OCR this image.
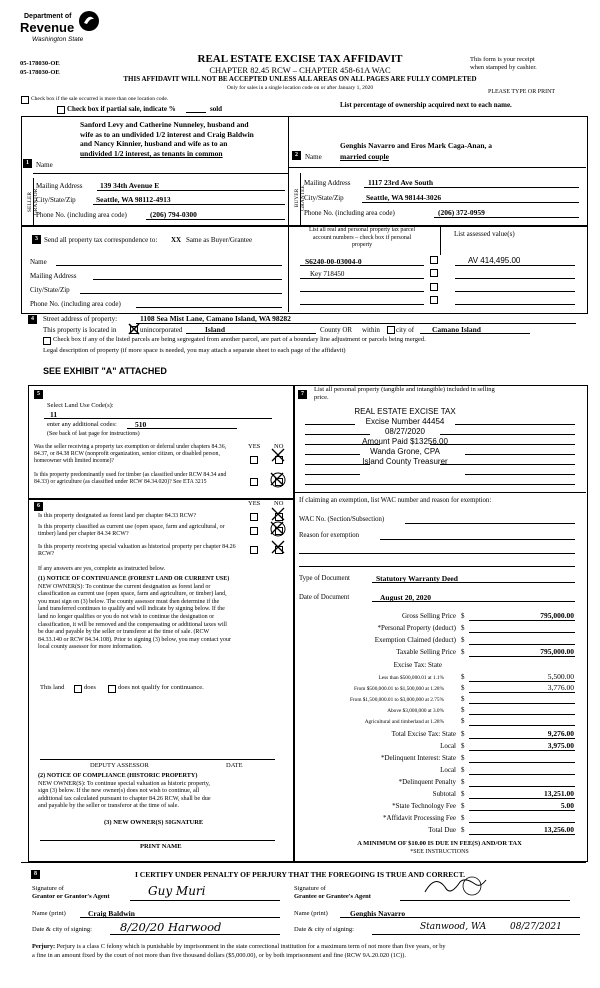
Department of
Revenue
Washington State
05-178030-OE
05-178030-OE
REAL ESTATE EXCISE TAX AFFIDAVIT
CHAPTER 82.45 RCW – CHAPTER 458-61A WAC
THIS AFFIDAVIT WILL NOT BE ACCEPTED UNLESS ALL AREAS ON ALL PAGES ARE FULLY COMPLETED
Only for sales in a single location code on or after January 1, 2020
This form is your receipt
when stamped by cashier.
PLEASE TYPE OR PRINT
Check box if the sale occurred is more than one location code.
Check box if partial sale, indicate %	sold	List percentage of ownership acquired next to each name.
SELLER GRANTOR
1	Name
Sanford Levy and Catherine Nunneley, husband and
wife as to an undivided 1/2 interest and Craig Baldwin
and Nancy Kinnier, husband and wife as to an
undivided 1/2 interest, as tenants in common
Mailing Address 139 34th Avenue E
City/State/Zip	Seattle, WA 98112-4913
Phone No. (including area code)	(206) 794-0300
BUYER GRANTEE
2	Name
Genghis Navarro and Eros Mark Caga-Anan, a
married couple
Mailing Address 1117 23rd Ave South
City/State/Zip	Seattle, WA 98144-3026
Phone No. (including area code)	(206) 372-0959
3 Send all property tax correspondence to: XX Same as Buyer/Grantee
Name
Mailing Address
City/State/Zip
Phone No. (including area code)
List all real and personal property tax parcel
account numbers – check box if personal
property
List assessed value(s)
S6240-00-03004-0	AV 414,495.00
Key 718450
4	Street address of property:	1108 Sea Mist Lane, Camano Island, WA 98282
This property is located in	unincorporated	Island	County OR within city of Camano Island
Check box if any of the listed parcels are being segregated from another parcel, are part of a boundary line adjustment or parcels being merged.
Legal description of property (if more space is needed, you may attach a separate sheet to each page of the affidavit)
SEE EXHIBIT "A" ATTACHED
5
Select Land Use Code(s):
11
enter any additional codes: 510
(See back of last page for instructions)
YES NO
Was the seller receiving a property tax exemption or deferral under chapters 84.36, 84.37, or 84.38 RCW (nonprofit organization, senior citizen, or disabled person, homeowner with limited income)?
Is this property predominantly used for timber (as classified under RCW 84.34 and 84.33) or agriculture (as classified under RCW 84.34.020)? See ETA 3215
6	YES NO
Is this property designated as forest land per chapter 84.33 RCW?
Is this property classified as current use (open space, farm and agricultural, or timber) land per chapter 84.34 RCW?
Is this property receiving special valuation as historical property per chapter 84.26 RCW?
If any answers are yes, complete as instructed below.
(1) NOTICE OF CONTINUANCE (FOREST LAND OR CURRENT USE)
NEW OWNER(S): To continue the current designation as forest land or
classification as current use (open space, farm and agriculture, or timber) land,
you must sign on (3) below. The county assessor must then determine if the
land transferred continues to qualify and will indicate by signing below. If the
land no longer qualifies or you do not wish to continue the designation or
classification, it will be removed and the compensating or additional taxes will
be due and payable by the seller or transferor at the time of sale. (RCW
84.33.140 or RCW 84.34.108). Prior to signing (3) below, you may contact your
local county assessor for more information.
This land	does	does not qualify for continuance.
DEPUTY ASSESSOR	DATE
(2) NOTICE OF COMPLIANCE (HISTORIC PROPERTY)
NEW OWNER(S): To continue special valuation as historic property,
sign (3) below. If the new owner(s) does not wish to continue, all
additional tax calculated pursuant to chapter 84.26 RCW, shall be due
and payable by the seller or transferor at the time of sale.
(3) NEW OWNER(S) SIGNATURE
PRINT NAME
7
List all personal property (tangible and intangible) included in selling
price.
REAL ESTATE EXCISE TAX
Excise Number 44454
08/27/2020
Amount Paid $13256.00
Wanda Grone, CPA
Island County Treasurer
If claiming an exemption, list WAC number and reason for exemption:
WAC No. (Section/Subsection)
Reason for exemption
Type of Document	Statutory Warranty Deed
Date of Document	August 20, 2020
Gross Selling Price $	795,000.00
*Personal Property (deduct) $
Exemption Claimed (deduct) $
Taxable Selling Price $	795,000.00
Excise Tax: State
Less than $500,000.01 at 1.1% $	5,500.00
From $500,000.01 to $1,500,000 at 1.28% $	3,776.00
From $1,500,000.01 to $3,000,000 at 2.75% $
Above $3,000,000 at 3.0% $
Agricultural and timberland at 1.28% $
Total Excise Tax: State $	9,276.00
Local $	3,975.00
*Delinquent Interest: State $
Local $
*Delinquent Penalty $
Subtotal $	13,251.00
*State Technology Fee $	5.00
*Affidavit Processing Fee $
Total Due $	13,256.00
A MINIMUM OF $10.00 IS DUE IN FEE(S) AND/OR TAX
*SEE INSTRUCTIONS
8	I CERTIFY UNDER PENALTY OF PERJURY THAT THE FOREGOING IS TRUE AND CORRECT.
Signature of
Grantor or Grantor's Agent	Guy Muri	Signature of
Grantee or Grantee's Agent
Name (print)	Craig Baldwin	Name (print)	Genghis Navarro
Date & city of signing: 8/20/20 Harwood	Date & city of signing:	Stanwood, WA	08/27/2021
Perjury: Perjury is a class C felony which is punishable by imprisonment in the state correctional institution for a maximum term of not more than five years, or by
a fine in an amount fixed by the court of not more than five thousand dollars ($5,000.00), or by both imprisonment and fine (RCW 9A.20.020 (1C)).
